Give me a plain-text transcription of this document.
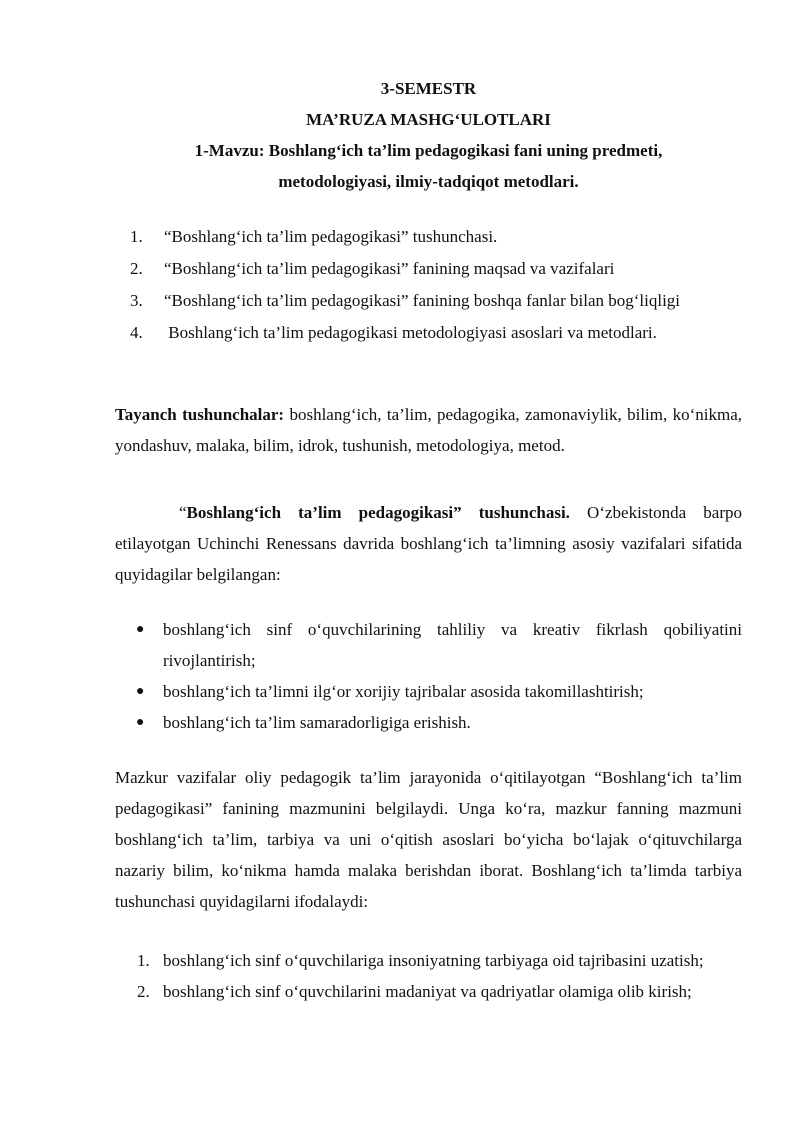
3-SEMESTR
MA’RUZA MASHG‘ULOTLARI
1-Mavzu: Boshlang‘ich ta’lim pedagogikasi fani uning predmeti,
metodologiyasi, ilmiy-tadqiqot metodlari.
1. “Boshlang‘ich ta’lim pedagogikasi” tushunchasi.
2. “Boshlang‘ich ta’lim pedagogikasi” fanining maqsad va vazifalari
3. “Boshlang‘ich ta’lim pedagogikasi” fanining boshqa fanlar bilan bog‘liqligi
4. Boshlang‘ich ta’lim pedagogikasi metodologiyasi asoslari va metodlari.
Tayanch tushunchalar: boshlang‘ich, ta’lim, pedagogika, zamonaviylik, bilim, ko‘nikma, yondashuv, malaka, bilim, idrok, tushunish, metodologiya, metod.
“Boshlang‘ich ta’lim pedagogikasi” tushunchasi. O‘zbekistonda barpo etilayotgan Uchinchi Renessans davrida boshlang‘ich ta’limning asosiy vazifalari sifatida quyidagilar belgilangan:
● boshlang‘ich sinf o‘quvchilarining tahliliy va kreativ fikrlash qobiliyatini rivojlantirish;
● boshlang‘ich ta’limni ilg‘or xorijiy tajribalar asosida takomillashtirish;
● boshlang‘ich ta’lim samaradorligiga erishish.
Mazkur vazifalar oliy pedagogik ta’lim jarayonida o‘qitilayotgan “Boshlang‘ich ta’lim pedagogikasi” fanining mazmunini belgilaydi. Unga ko‘ra, mazkur fanning mazmuni boshlang‘ich ta’lim, tarbiya va uni o‘qitish asoslari bo‘yicha bo‘lajak o‘qituvchilarga nazariy bilim, ko‘nikma hamda malaka berishdan iborat. Boshlang‘ich ta’limda tarbiya tushunchasi quyidagilarni ifodalaydi:
1. boshlang‘ich sinf o‘quvchilariga insoniyatning tarbiyaga oid tajribasini uzatish;
2. boshlang‘ich sinf o‘quvchilarini madaniyat va qadriyatlar olamiga olib kirish;
